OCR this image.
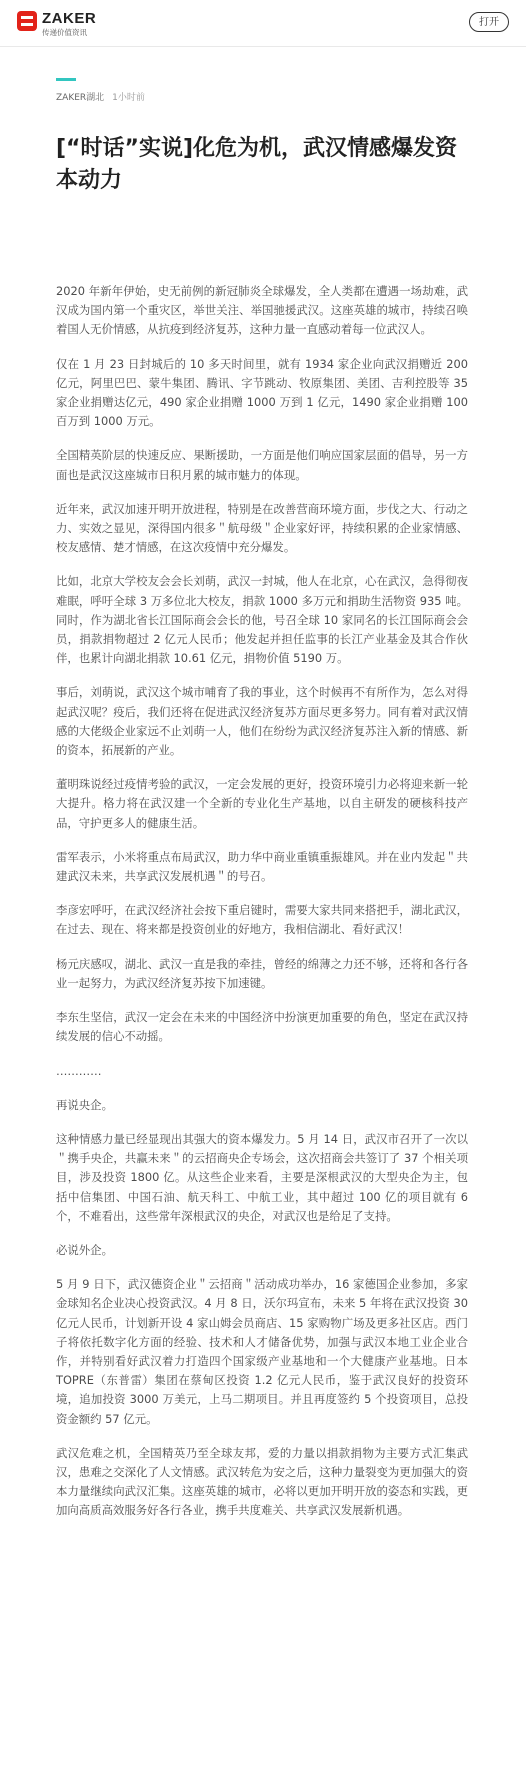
ZAKER
传递价值资讯
打开
ZAKER湖北 1小时前
[“时话”实说]化危为机，武汉情感爆发资本动力

2020 年新年伊始，史无前例的新冠肺炎全球爆发，全人类都在遭遇一场劫难，武汉成为国内第一个重灾区，举世关注、举国驰援武汉。这座英雄的城市，持续召唤着国人无价情感，从抗疫到经济复苏，这种力量一直感动着每一位武汉人。

仅在 1 月 23 日封城后的 10 多天时间里，就有 1934 家企业向武汉捐赠近 200 亿元，阿里巴巴、蒙牛集团、腾讯、字节跳动、牧原集团、美团、吉利控股等 35 家企业捐赠达亿元，490 家企业捐赠 1000 万到 1 亿元，1490 家企业捐赠 100 百万到 1000 万元。

全国精英阶层的快速反应、果断援助，一方面是他们响应国家层面的倡导，另一方面也是武汉这座城市日积月累的城市魅力的体现。

近年来，武汉加速开明开放进程，特别是在改善营商环境方面，步伐之大、行动之力、实效之显见，深得国内很多＂航母级＂企业家好评，持续积累的企业家情感、校友感情、楚才情感，在这次疫情中充分爆发。

比如，北京大学校友会会长刘萌，武汉一封城，他人在北京，心在武汉，急得彻夜难眠，呼吁全球 3 万多位北大校友，捐款 1000 多万元和捐助生活物资 935 吨。同时，作为湖北省长江国际商会会长的他，号召全球 10 家同名的长江国际商会会员，捐款捐物超过 2 亿元人民币；他发起并担任监事的长江产业基金及其合作伙伴，也累计向湖北捐款 10.61 亿元，捐物价值 5190 万。

事后，刘萌说，武汉这个城市哺育了我的事业，这个时候再不有所作为，怎么对得起武汉呢？疫后，我们还将在促进武汉经济复苏方面尽更多努力。同有着对武汉情感的大佬级企业家远不止刘萌一人，他们在纷纷为武汉经济复苏注入新的情感、新的资本，拓展新的产业。

董明珠说经过疫情考验的武汉，一定会发展的更好，投资环境引力必将迎来新一轮大提升。格力将在武汉建一个全新的专业化生产基地，以自主研发的硬核科技产品，守护更多人的健康生活。

雷军表示，小米将重点布局武汉，助力华中商业重镇重振雄风。并在业内发起＂共建武汉未来，共享武汉发展机遇＂的号召。

李彦宏呼吁，在武汉经济社会按下重启键时，需要大家共同来搭把手，湖北武汉，在过去、现在、将来都是投资创业的好地方，我相信湖北、看好武汉！

杨元庆感叹，湖北、武汉一直是我的牵挂，曾经的绵薄之力还不够，还将和各行各业一起努力，为武汉经济复苏按下加速键。

李东生坚信，武汉一定会在未来的中国经济中扮演更加重要的角色，坚定在武汉持续发展的信心不动摇。

…………

再说央企。

这种情感力量已经显现出其强大的资本爆发力。5 月 14 日，武汉市召开了一次以＂携手央企，共赢未来＂的云招商央企专场会，这次招商会共签订了 37 个相关项目，涉及投资 1800 亿。从这些企业来看，主要是深根武汉的大型央企为主，包括中信集团、中国石油、航天科工、中航工业，其中超过 100 亿的项目就有 6 个，不难看出，这些常年深根武汉的央企，对武汉也是给足了支持。

必说外企。

5 月 9 日下，武汉德资企业＂云招商＂活动成功举办，16 家德国企业参加，多家金球知名企业决心投资武汉。4 月 8 日，沃尔玛宣布，未来 5 年将在武汉投资 30 亿元人民币，计划新开设 4 家山姆会员商店、15 家购物广场及更多社区店。西门子将依托数字化方面的经验、技术和人才储备优势，加强与武汉本地工业企业合作，并特别看好武汉着力打造四个国家级产业基地和一个大健康产业基地。日本 TOPRE（东普雷）集团在蔡甸区投资 1.2 亿元人民币，鉴于武汉良好的投资环境，追加投资 3000 万美元，上马二期项目。并且再度签约 5 个投资项目，总投资金额约 57 亿元。

武汉危难之机，全国精英乃至全球友邦，爱的力量以捐款捐物为主要方式汇集武汉，患难之交深化了人文情感。武汉转危为安之后，这种力量裂变为更加强大的资本力量继续向武汉汇集。这座英雄的城市，必将以更加开明开放的姿态和实践，更加向高质高效服务好各行各业，携手共度难关、共享武汉发展新机遇。
